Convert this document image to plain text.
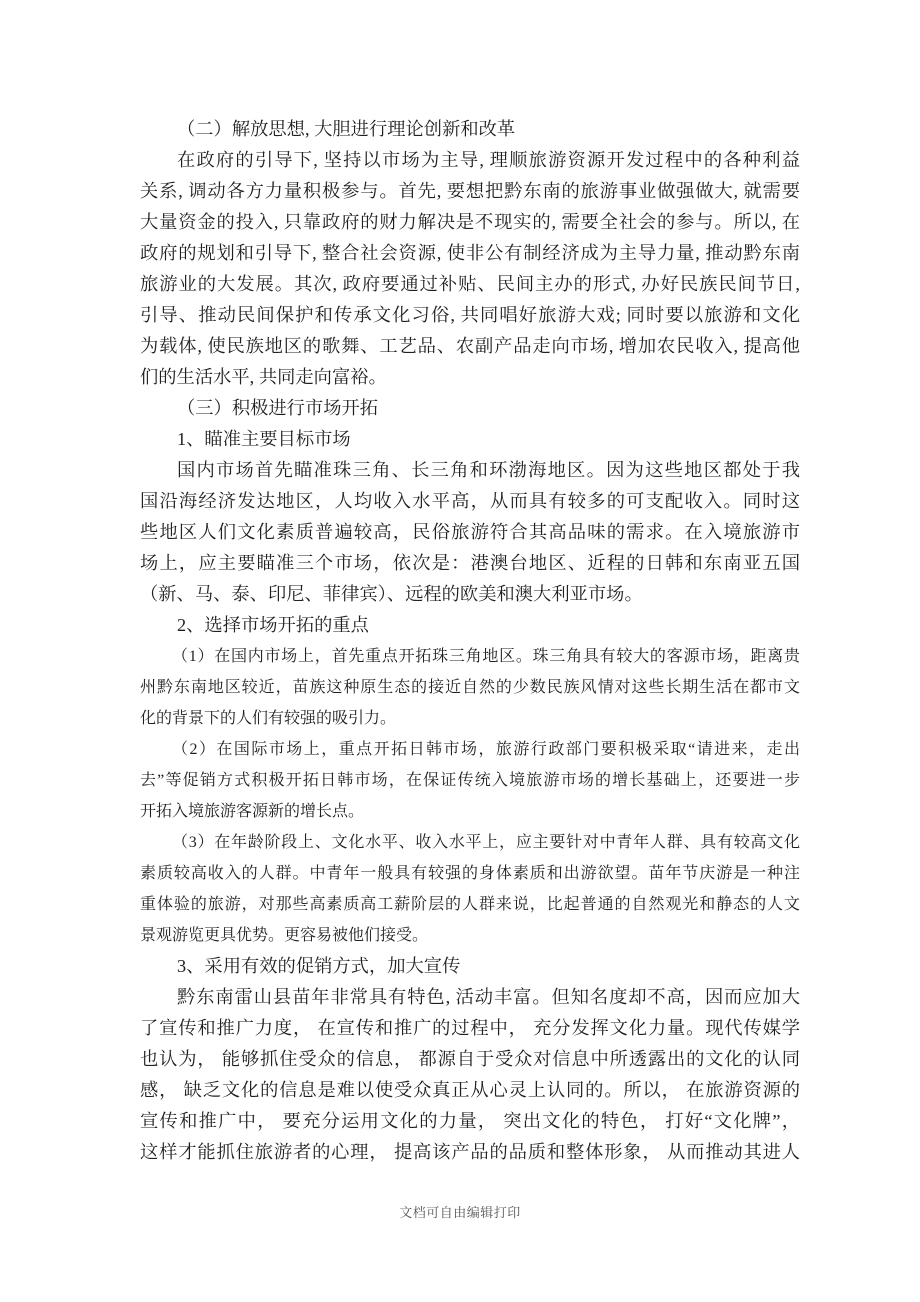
（二）解放思想, 大胆进行理论创新和改革
在政府的引导下, 坚持以市场为主导, 理顺旅游资源开发过程中的各种利益
关系, 调动各方力量积极参与。首先, 要想把黔东南的旅游事业做强做大, 就需要
大量资金的投入, 只靠政府的财力解决是不现实的, 需要全社会的参与。所以, 在
政府的规划和引导下, 整合社会资源, 使非公有制经济成为主导力量, 推动黔东南
旅游业的大发展。其次, 政府要通过补贴、民间主办的形式, 办好民族民间节日,
引导、推动民间保护和传承文化习俗, 共同唱好旅游大戏; 同时要以旅游和文化
为载体, 使民族地区的歌舞、工艺品、农副产品走向市场, 增加农民收入, 提高他
们的生活水平, 共同走向富裕。
（三）积极进行市场开拓
1、瞄准主要目标市场
国内市场首先瞄准珠三角、长三角和环渤海地区。因为这些地区都处于我
国沿海经济发达地区，人均收入水平高，从而具有较多的可支配收入。同时这
些地区人们文化素质普遍较高，民俗旅游符合其高品味的需求。在入境旅游市
场上，应主要瞄准三个市场，依次是：港澳台地区、近程的日韩和东南亚五国
（新、马、泰、印尼、菲律宾）、远程的欧美和澳大利亚市场。
2、选择市场开拓的重点
（1）在国内市场上，首先重点开拓珠三角地区。珠三角具有较大的客源市场，距离贵
州黔东南地区较近，苗族这种原生态的接近自然的少数民族风情对这些长期生活在都市文
化的背景下的人们有较强的吸引力。
（2）在国际市场上，重点开拓日韩市场，旅游行政部门要积极采取“请进来，走出
去”等促销方式积极开拓日韩市场，在保证传统入境旅游市场的增长基础上，还要进一步
开拓入境旅游客源新的增长点。
（3）在年龄阶段上、文化水平、收入水平上，应主要针对中青年人群、具有较高文化
素质较高收入的人群。中青年一般具有较强的身体素质和出游欲望。苗年节庆游是一种注
重体验的旅游，对那些高素质高工薪阶层的人群来说，比起普通的自然观光和静态的人文
景观游览更具优势。更容易被他们接受。
3、采用有效的促销方式，加大宣传
黔东南雷山县苗年非常具有特色, 活动丰富。但知名度却不高，因而应加大
了宣传和推广力度， 在宣传和推广的过程中， 充分发挥文化力量。现代传媒学
也认为， 能够抓住受众的信息， 都源自于受众对信息中所透露出的文化的认同
感， 缺乏文化的信息是难以使受众真正从心灵上认同的。所以， 在旅游资源的
宣传和推广中， 要充分运用文化的力量， 突出文化的特色， 打好“文化牌”，
这样才能抓住旅游者的心理， 提高该产品的品质和整体形象， 从而推动其进人
文档可自由编辑打印
